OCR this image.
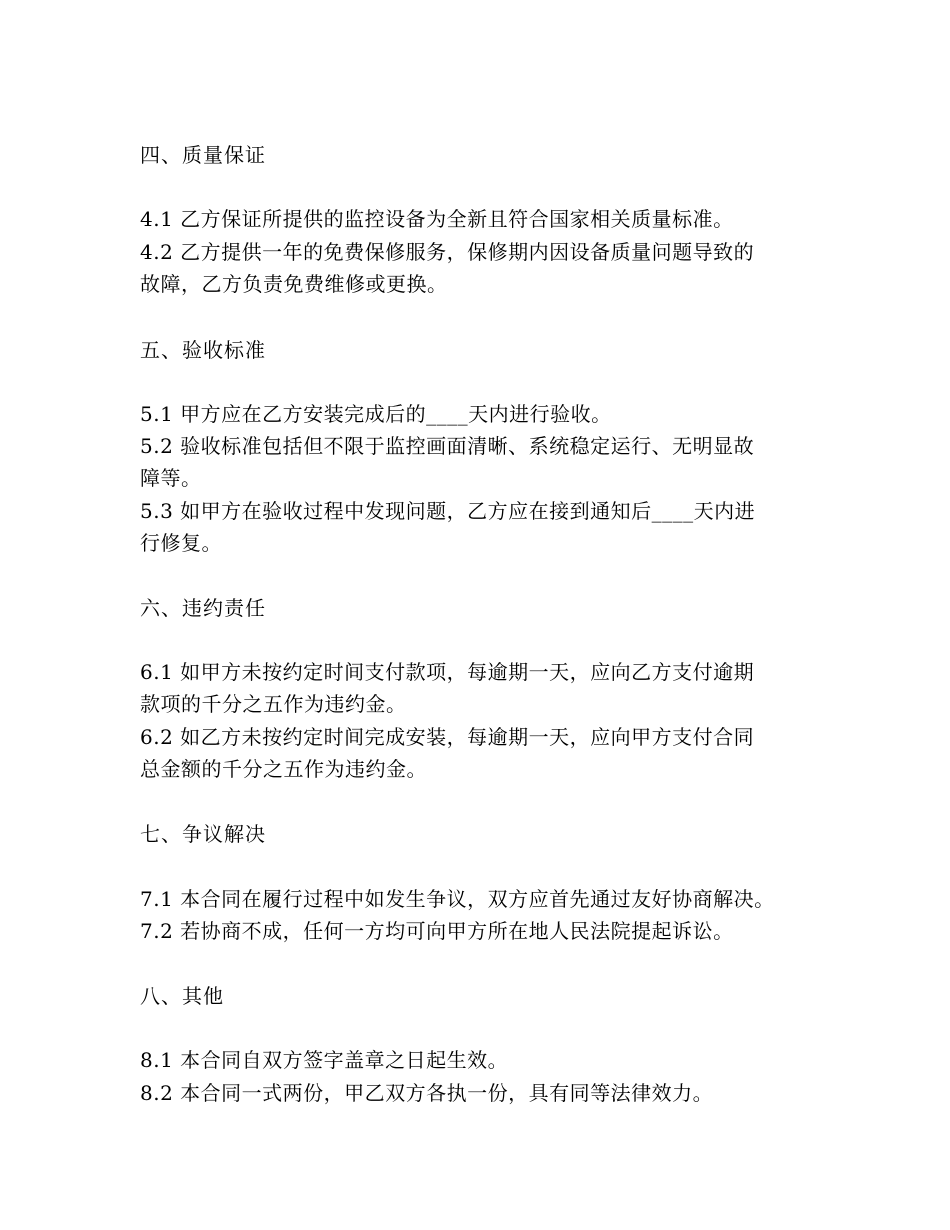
四、质量保证
4.1 乙方保证所提供的监控设备为全新且符合国家相关质量标准。
4.2 乙方提供一年的免费保修服务，保修期内因设备质量问题导致的
故障，乙方负责免费维修或更换。
五、验收标准
5.1 甲方应在乙方安装完成后的____天内进行验收。
5.2 验收标准包括但不限于监控画面清晰、系统稳定运行、无明显故
障等。
5.3 如甲方在验收过程中发现问题，乙方应在接到通知后____天内进
行修复。
六、违约责任
6.1 如甲方未按约定时间支付款项，每逾期一天，应向乙方支付逾期
款项的千分之五作为违约金。
6.2 如乙方未按约定时间完成安装，每逾期一天，应向甲方支付合同
总金额的千分之五作为违约金。
七、争议解决
7.1 本合同在履行过程中如发生争议，双方应首先通过友好协商解决。
7.2 若协商不成，任何一方均可向甲方所在地人民法院提起诉讼。
八、其他
8.1 本合同自双方签字盖章之日起生效。
8.2 本合同一式两份，甲乙双方各执一份，具有同等法律效力。
